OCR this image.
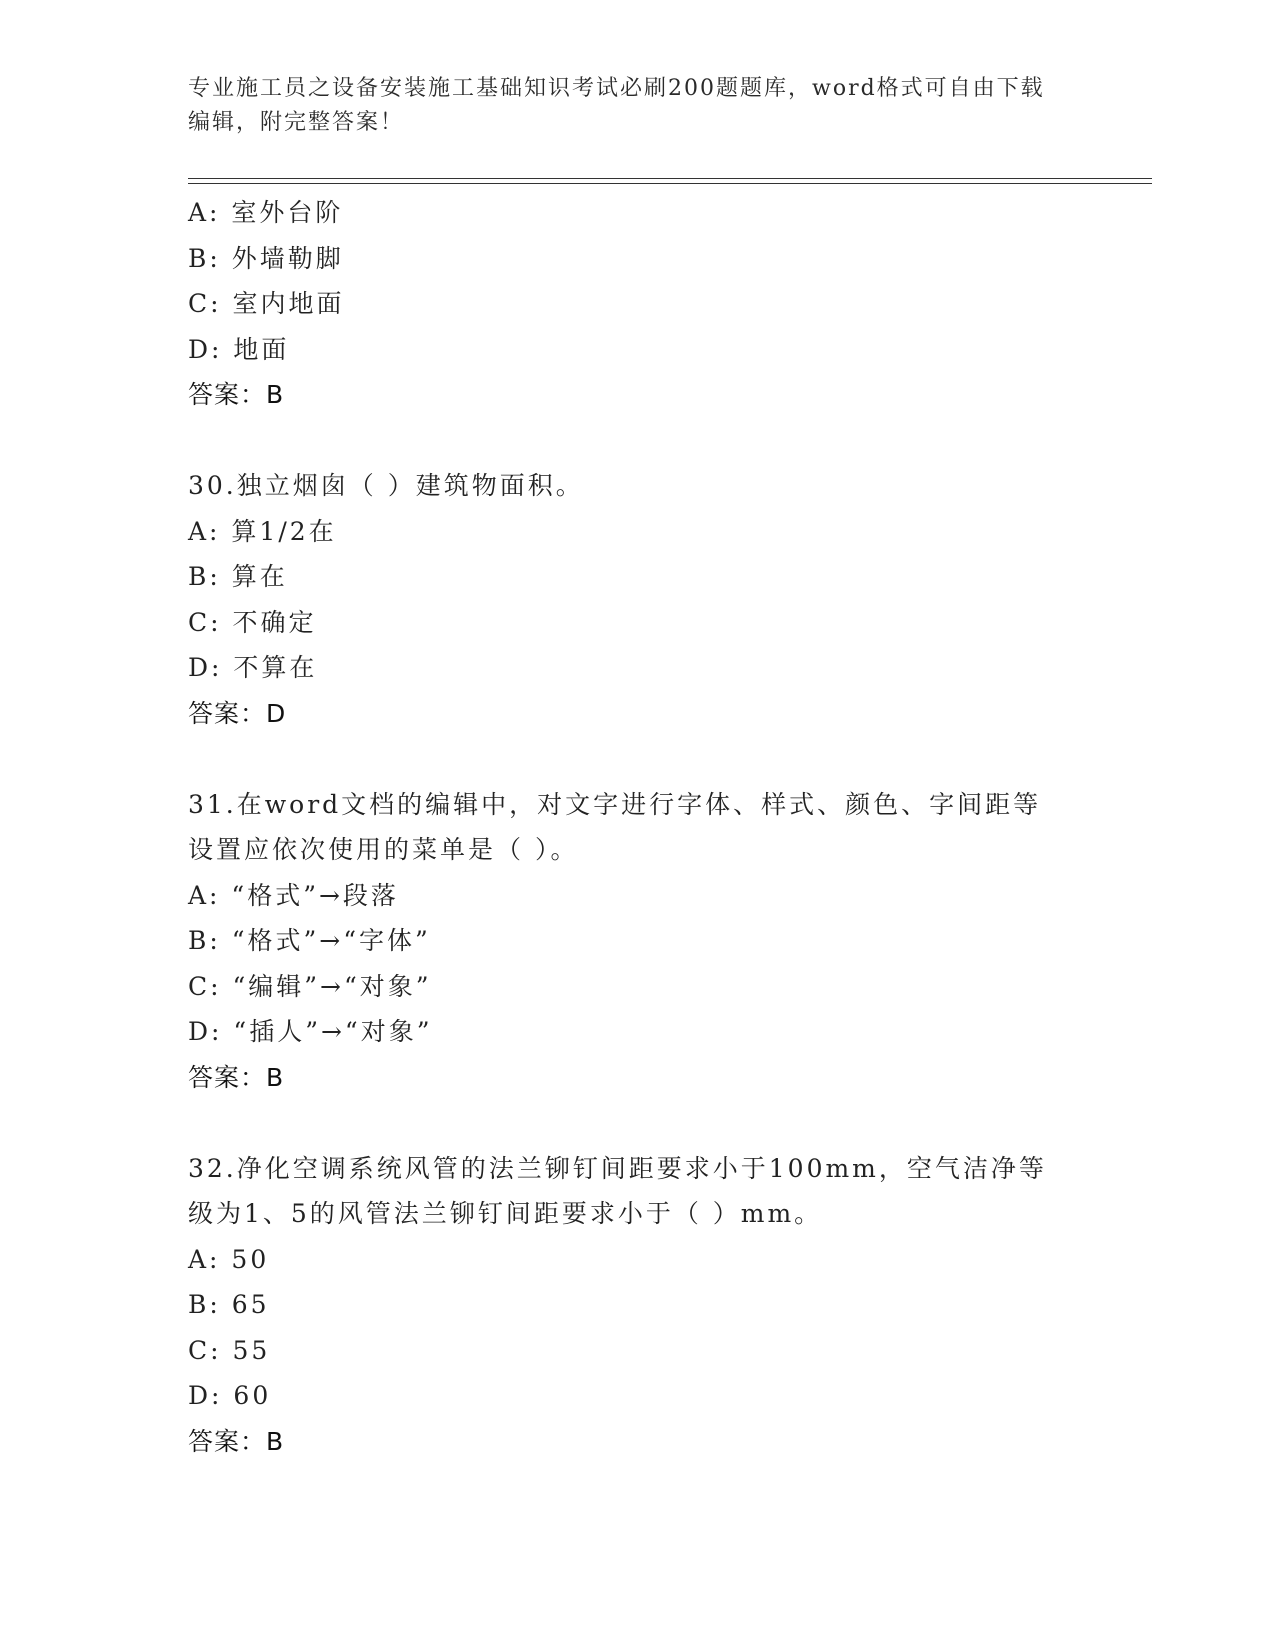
专业施工员之设备安装施工基础知识考试必刷200题题库，word格式可自由下载编辑，附完整答案！
A: 室外台阶
B: 外墙勒脚
C: 室内地面
D: 地面
答案：B
30.独立烟囱（ ）建筑物面积。
A: 算1/2在
B: 算在
C: 不确定
D: 不算在
答案：D
31.在word文档的编辑中，对文字进行字体、样式、颜色、字间距等设置应依次使用的菜单是（ ）。
A: “格式”→段落
B: “格式”→“字体”
C: “编辑”→“对象”
D: “插人”→“对象”
答案：B
32.净化空调系统风管的法兰铆钉间距要求小于100mm，空气洁净等级为1、5的风管法兰铆钉间距要求小于（ ）mm。
A: 50
B: 65
C: 55
D: 60
答案：B
